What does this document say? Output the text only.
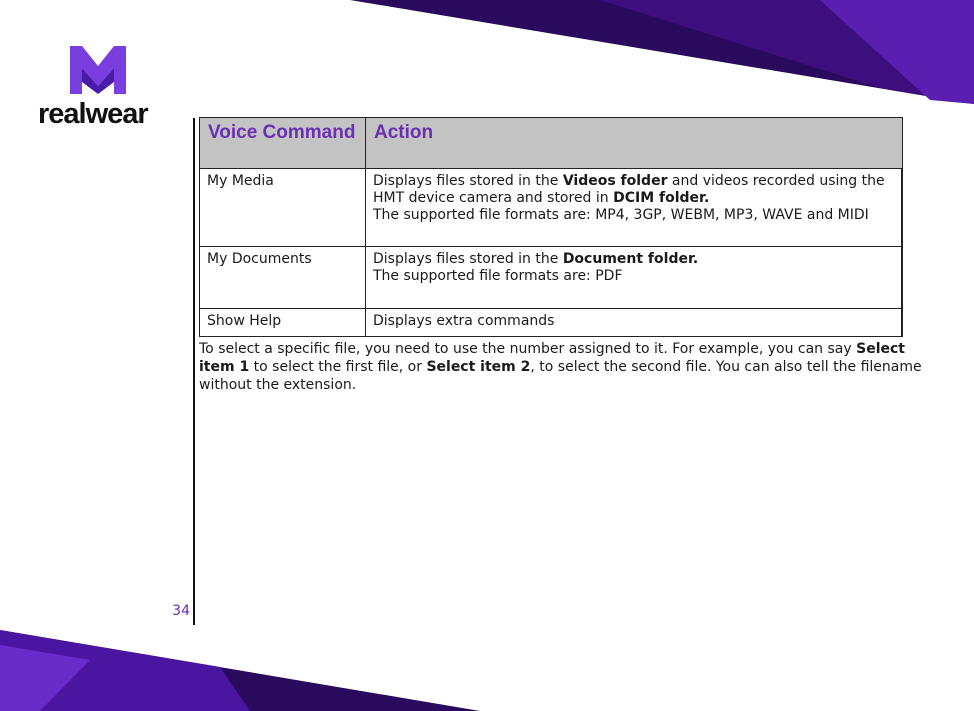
realwear
34
Voice Command	Action
My Media	Displays files stored in the Videos folder and videos recorded using the HMT device camera and stored in DCIM folder.
The supported file formats are: MP4, 3GP, WEBM, MP3, WAVE and MIDI
My Documents	Displays files stored in the Document folder.
The supported file formats are: PDF
Show Help	Displays extra commands
To select a specific file, you need to use the number assigned to it. For example, you can say Select item 1 to select the first file, or Select item 2, to select the second file. You can also tell the filename without the extension.
